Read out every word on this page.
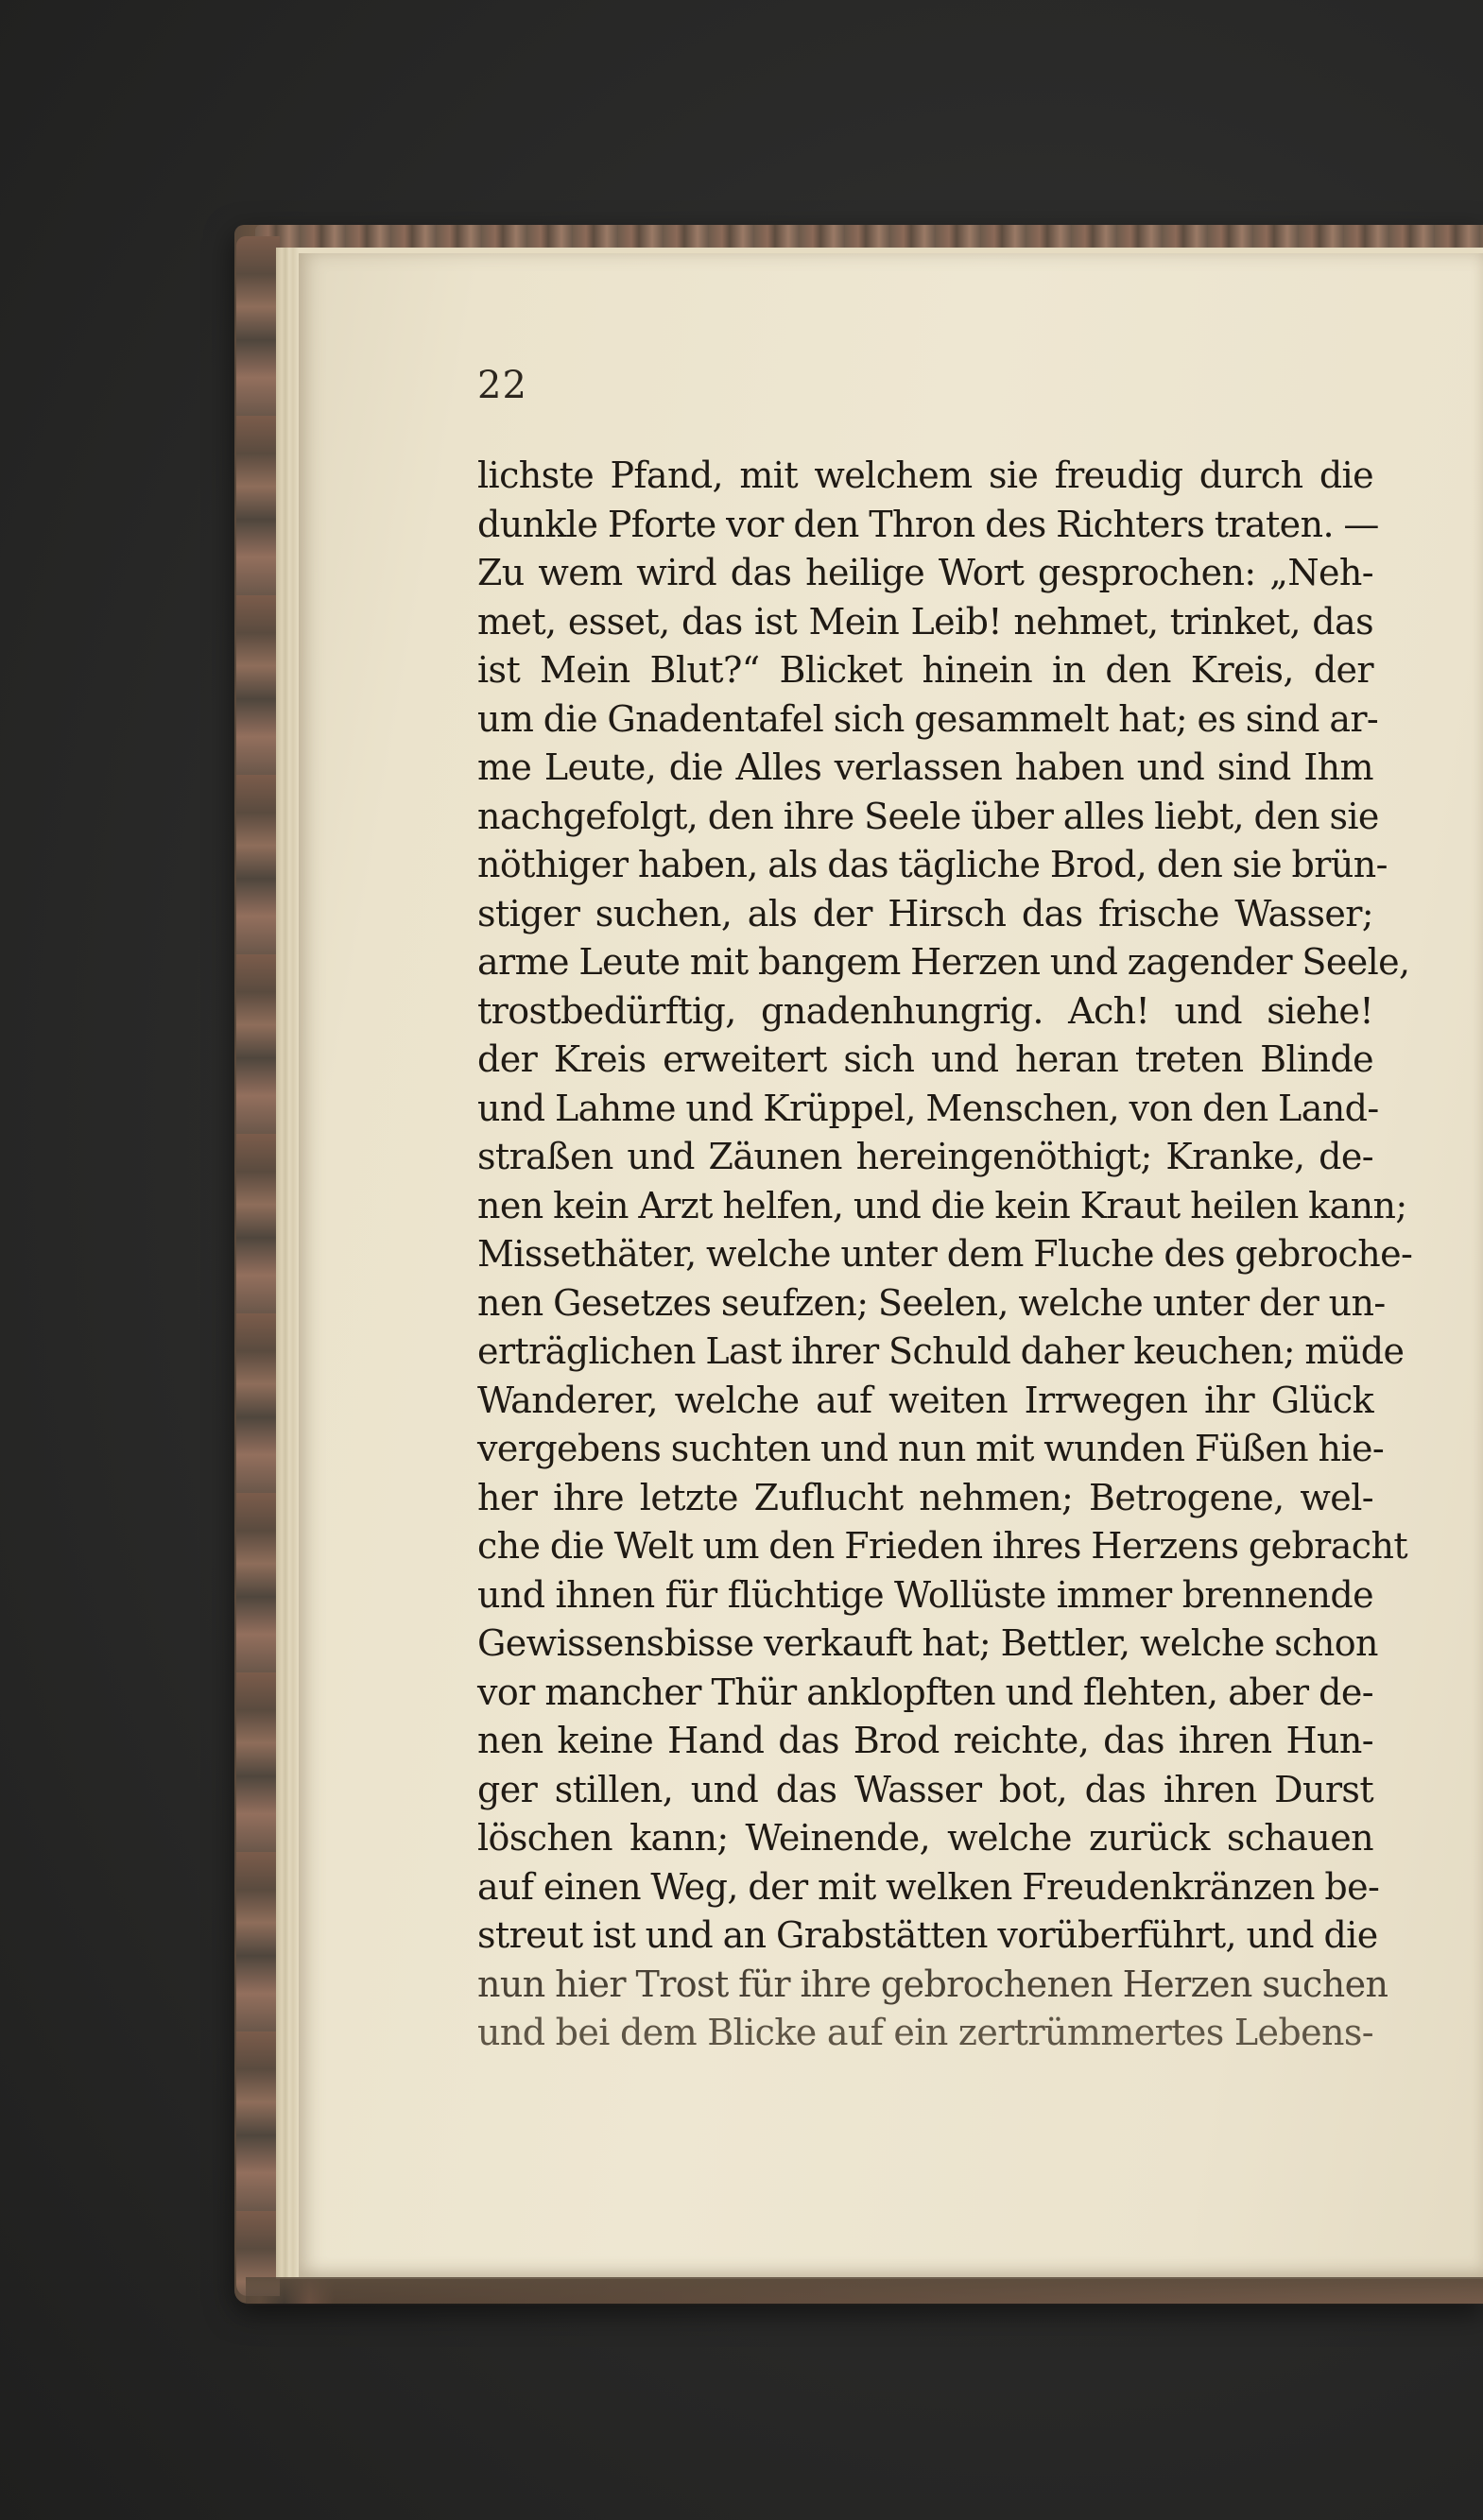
22
lichste Pfand, mit welchem sie freudig durch die
dunkle Pforte vor den Thron des Richters traten. —
Zu wem wird das heilige Wort gesprochen: „Neh-
met, esset, das ist Mein Leib! nehmet, trinket, das
ist Mein Blut?“ Blicket hinein in den Kreis, der
um die Gnadentafel sich gesammelt hat; es sind ar-
me Leute, die Alles verlassen haben und sind Ihm
nachgefolgt, den ihre Seele über alles liebt, den sie
nöthiger haben, als das tägliche Brod, den sie brün-
stiger suchen, als der Hirsch das frische Wasser;
arme Leute mit bangem Herzen und zagender Seele,
trostbedürftig, gnadenhungrig. Ach! und siehe!
der Kreis erweitert sich und heran treten Blinde
und Lahme und Krüppel, Menschen, von den Land-
straßen und Zäunen hereingenöthigt; Kranke, de-
nen kein Arzt helfen, und die kein Kraut heilen kann;
Missethäter, welche unter dem Fluche des gebroche-
nen Gesetzes seufzen; Seelen, welche unter der un-
erträglichen Last ihrer Schuld daher keuchen; müde
Wanderer, welche auf weiten Irrwegen ihr Glück
vergebens suchten und nun mit wunden Füßen hie-
her ihre letzte Zuflucht nehmen; Betrogene, wel-
che die Welt um den Frieden ihres Herzens gebracht
und ihnen für flüchtige Wollüste immer brennende
Gewissensbisse verkauft hat; Bettler, welche schon
vor mancher Thür anklopften und flehten, aber de-
nen keine Hand das Brod reichte, das ihren Hun-
ger stillen, und das Wasser bot, das ihren Durst
löschen kann; Weinende, welche zurück schauen
auf einen Weg, der mit welken Freudenkränzen be-
streut ist und an Grabstätten vorüberführt, und die
nun hier Trost für ihre gebrochenen Herzen suchen
und bei dem Blicke auf ein zertrümmertes Lebens-
